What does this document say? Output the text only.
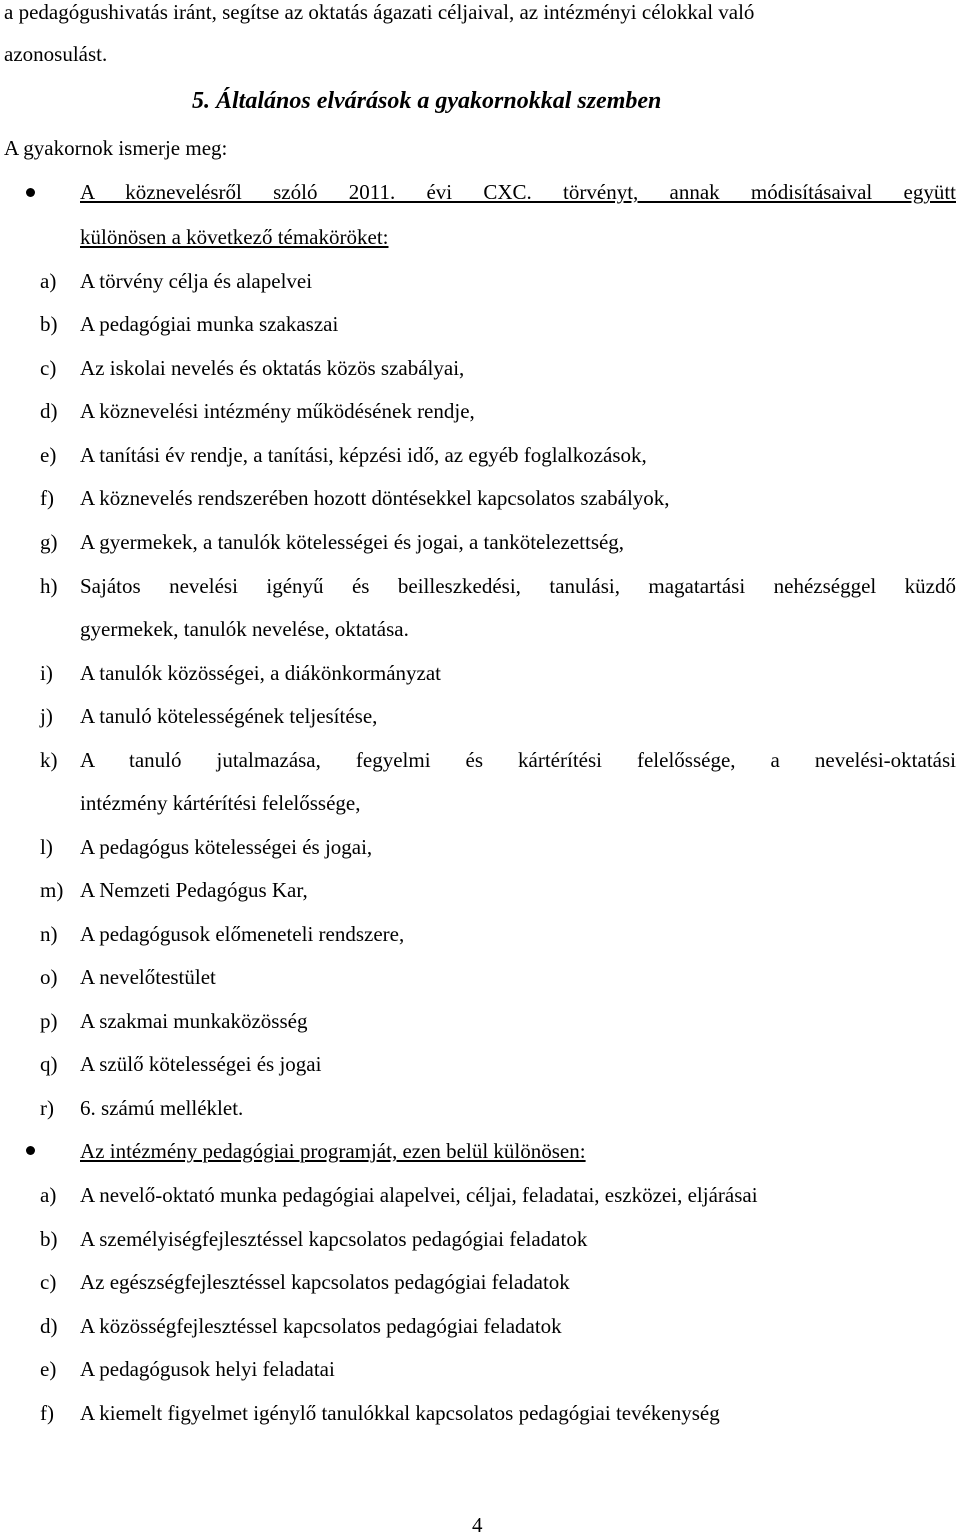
a pedagógushivatás iránt, segítse az oktatás ágazati céljaival, az intézményi célokkal való
azonosulást.
5. Általános elvárások a gyakornokkal szemben
A gyakornok ismerje meg:
A köznevelésről szóló 2011. évi CXC. törvényt, annak módisításaival együtt
különösen a következő témaköröket:
a) A törvény célja és alapelvei
b) A pedagógiai munka szakaszai
c) Az iskolai nevelés és oktatás közös szabályai,
d) A köznevelési intézmény működésének rendje,
e) A tanítási év rendje, a tanítási, képzési idő, az egyéb foglalkozások,
f) A köznevelés rendszerében hozott döntésekkel kapcsolatos szabályok,
g) A gyermekek, a tanulók kötelességei és jogai, a tankötelezettség,
h) Sajátos nevelési igényű és beilleszkedési, tanulási, magatartási nehézséggel küzdő
gyermekek, tanulók nevelése, oktatása.
i) A tanulók közösségei, a diákönkormányzat
j) A tanuló kötelességének teljesítése,
k) A tanuló jutalmazása, fegyelmi és kártérítési felelőssége, a nevelési-oktatási
intézmény kártérítési felelőssége,
l) A pedagógus kötelességei és jogai,
m) A Nemzeti Pedagógus Kar,
n) A pedagógusok előmeneteli rendszere,
o) A nevelőtestület
p) A szakmai munkaközösség
q) A szülő kötelességei és jogai
r) 6. számú melléklet.
Az intézmény pedagógiai programját, ezen belül különösen:
a) A nevelő-oktató munka pedagógiai alapelvei, céljai, feladatai, eszközei, eljárásai
b) A személyiségfejlesztéssel kapcsolatos pedagógiai feladatok
c) Az egészségfejlesztéssel kapcsolatos pedagógiai feladatok
d) A közösségfejlesztéssel kapcsolatos pedagógiai feladatok
e) A pedagógusok helyi feladatai
f) A kiemelt figyelmet igénylő tanulókkal kapcsolatos pedagógiai tevékenység
4
